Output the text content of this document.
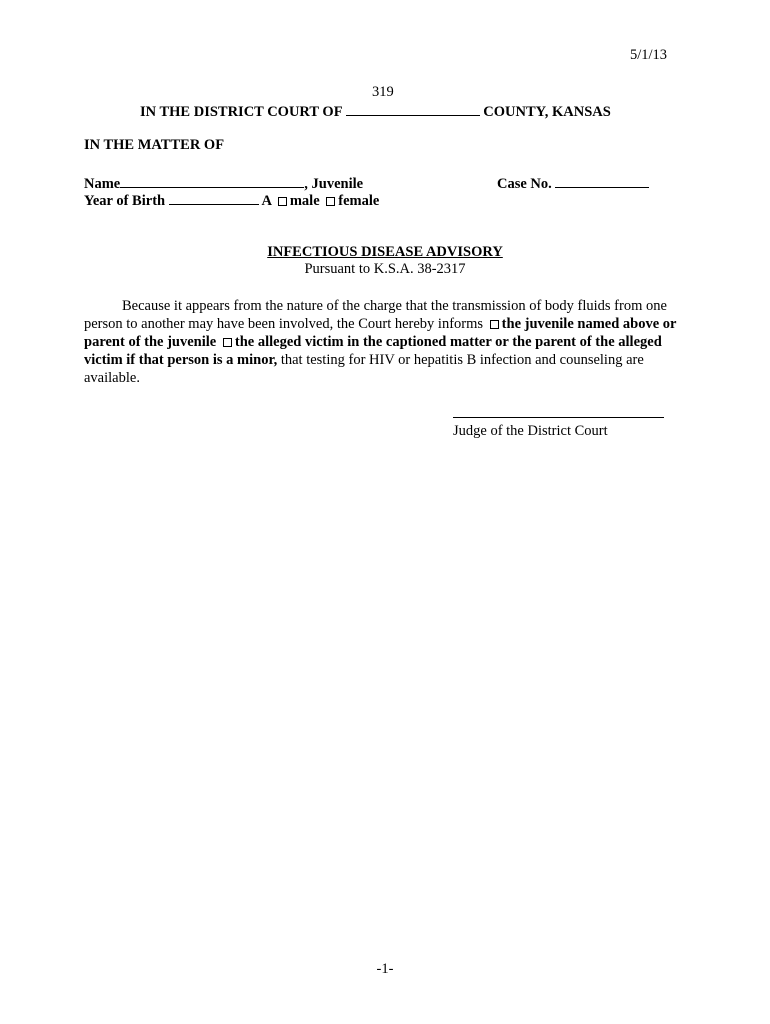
5/1/13
319
IN THE DISTRICT COURT OF	COUNTY, KANSAS
IN THE MATTER OF
Name	, Juvenile	Case No.
Year of Birth	A male female
INFECTIOUS DISEASE ADVISORY
Pursuant to K.S.A. 38-2317
Because it appears from the nature of the charge that the transmission of body fluids from one person to another may have been involved, the Court hereby informs the juvenile named above or parent of the juvenile the alleged victim in the captioned matter or the parent of the alleged victim if that person is a minor, that testing for HIV or hepatitis B infection and counseling are available.
Judge of the District Court
-1-
